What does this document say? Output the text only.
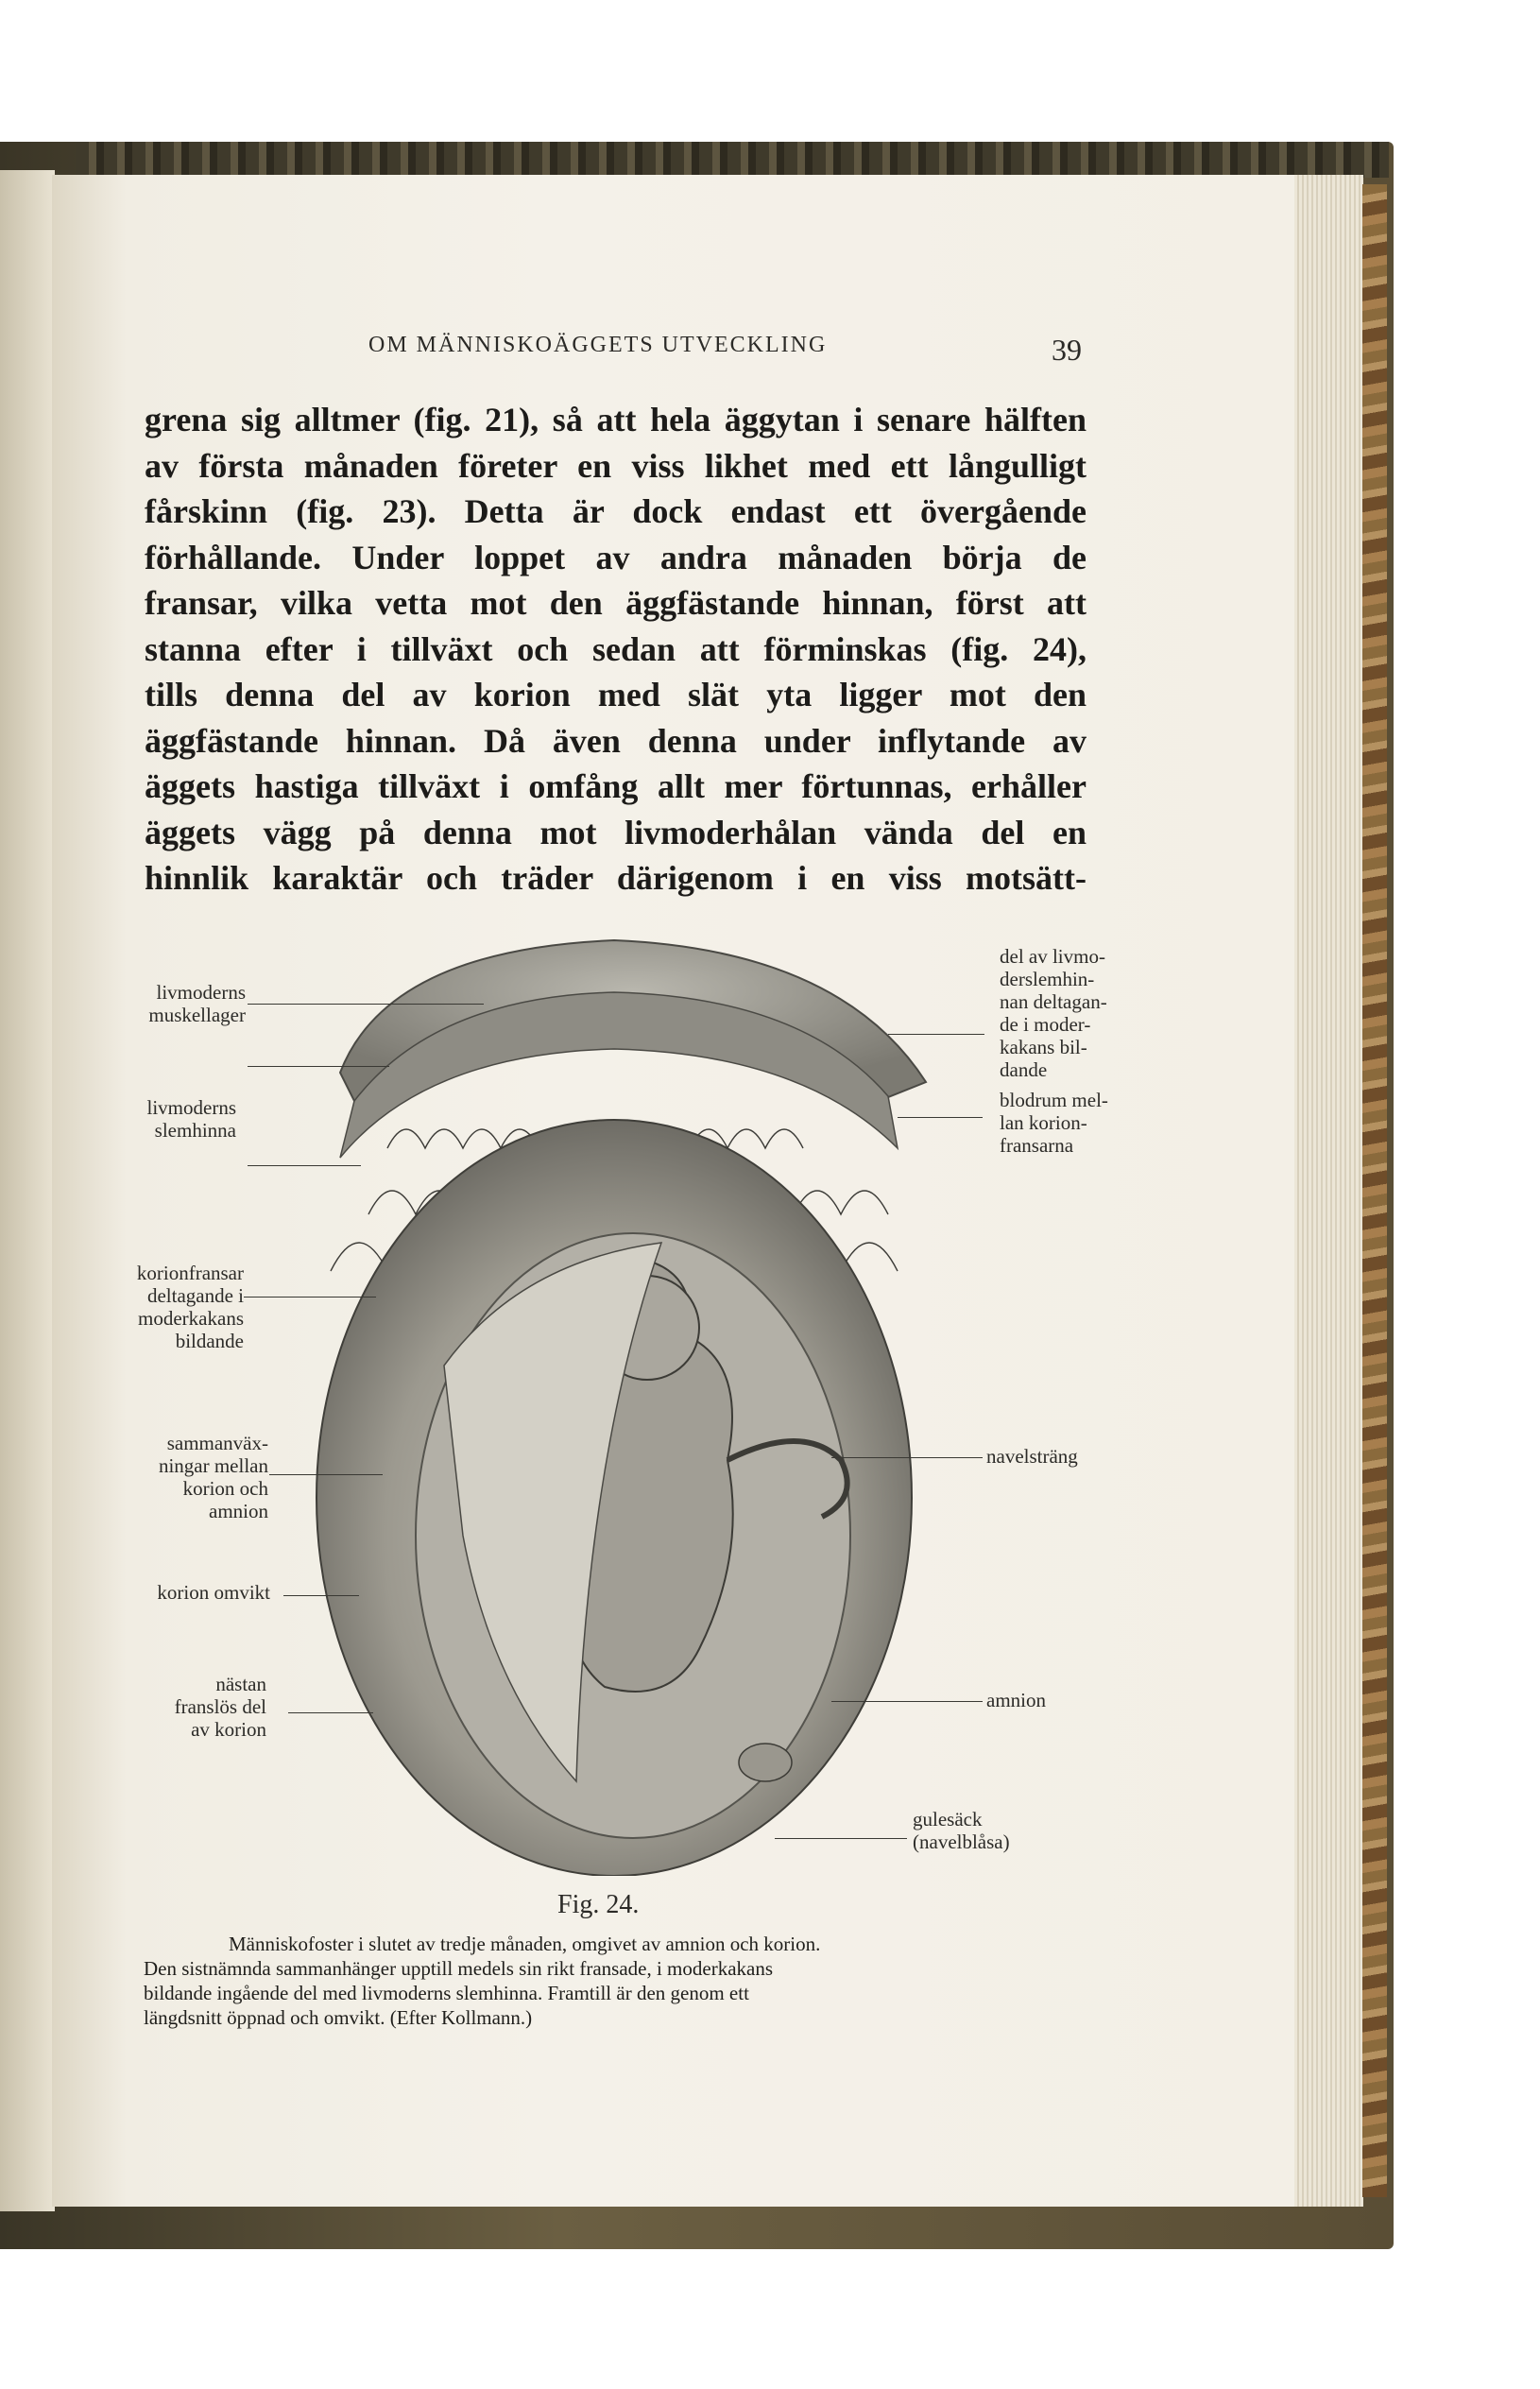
OM MÄNNISKOÄGGETS UTVECKLING	39
grena sig alltmer (fig. 21), så att hela äggytan i senare hälften
av första månaden företer en viss likhet med ett långulligt
fårskinn (fig. 23). Detta är dock endast ett övergående
förhållande. Under loppet av andra månaden börja de
fransar, vilka vetta mot den äggfästande hinnan, först att
stanna efter i tillväxt och sedan att förminskas (fig. 24),
tills denna del av korion med slät yta ligger mot den
äggfästande hinnan. Då även denna under inflytande av
äggets hastiga tillväxt i omfång allt mer förtunnas, erhåller
äggets vägg på denna mot livmoderhålan vända del en
hinnlik karaktär och träder därigenom i en viss motsätt-
livmoderns
muskellager
livmoderns
slemhinna
korionfransar
deltagande i
moderkakans
bildande
sammanväx-
ningar mellan
korion och
amnion
korion omvikt
nästan
franslös del
av korion
del av livmo-
derslemhin-
nan deltagan-
de i moder-
kakans bil-
dande
blodrum mel-
lan korion-
fransarna
navelsträng
amnion
gulesäck
(navelblåsa)
Fig. 24.
Människofoster i slutet av tredje månaden, omgivet av amnion och korion.
Den sistnämnda sammanhänger upptill medels sin rikt fransade, i moderkakans
bildande ingående del med livmoderns slemhinna. Framtill är den genom ett
längdsnitt öppnad och omvikt. (Efter Kollmann.)
